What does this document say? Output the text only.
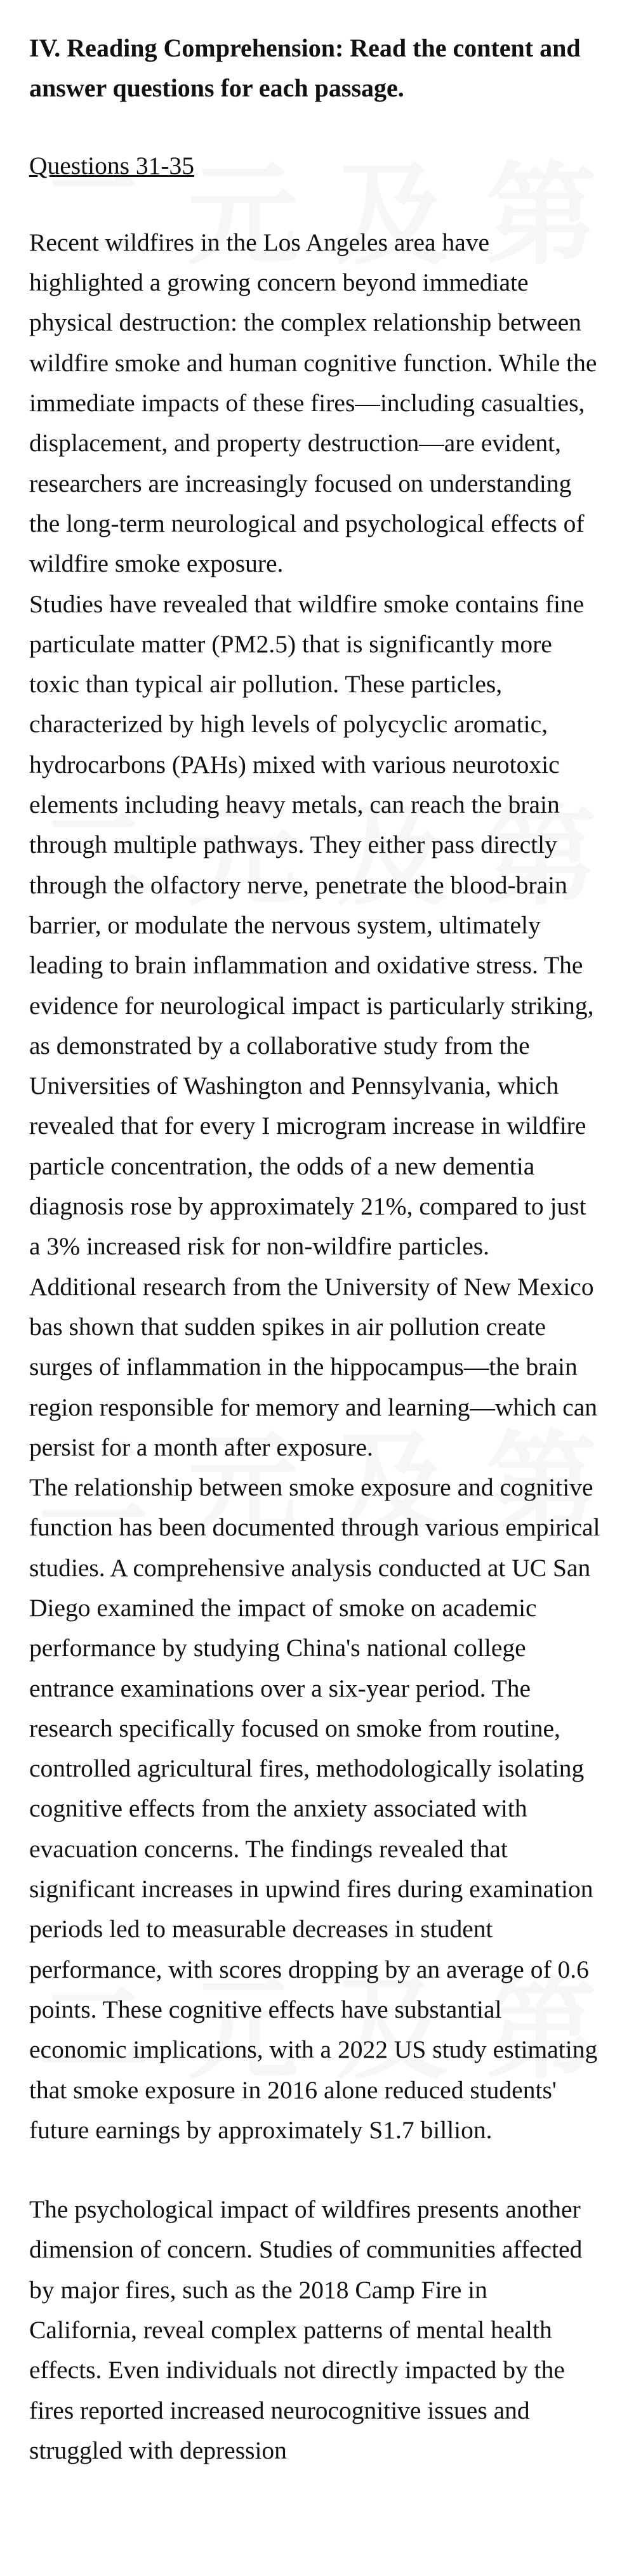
IV. Reading Comprehension: Read the content and answer questions for each passage.

Questions 31-35

Recent wildfires in the Los Angeles area have highlighted a growing concern beyond immediate physical destruction: the complex relationship between wildfire smoke and human cognitive function. While the immediate impacts of these fires—including casualties, displacement, and property destruction—are evident, researchers are increasingly focused on understanding the long-term neurological and psychological effects of wildfire smoke exposure.

Studies have revealed that wildfire smoke contains fine particulate matter (PM2.5) that is significantly more toxic than typical air pollution. These particles, characterized by high levels of polycyclic aromatic, hydrocarbons (PAHs) mixed with various neurotoxic elements including heavy metals, can reach the brain through multiple pathways. They either pass directly through the olfactory nerve, penetrate the blood-brain barrier, or modulate the nervous system, ultimately leading to brain inflammation and oxidative stress. The evidence for neurological impact is particularly striking, as demonstrated by a collaborative study from the Universities of Washington and Pennsylvania, which revealed that for every I microgram increase in wildfire particle concentration, the odds of a new dementia diagnosis rose by approximately 21%, compared to just a 3% increased risk for non-wildfire particles. Additional research from the University of New Mexico bas shown that sudden spikes in air pollution create surges of inflammation in the hippocampus—the brain region responsible for memory and learning—which can persist for a month after exposure.

The relationship between smoke exposure and cognitive function has been documented through various empirical studies. A comprehensive analysis conducted at UC San Diego examined the impact of smoke on academic performance by studying China's national college entrance examinations over a six-year period. The research specifically focused on smoke from routine, controlled agricultural fires, methodologically isolating cognitive effects from the anxiety associated with evacuation concerns. The findings revealed that significant increases in upwind fires during examination periods led to measurable decreases in student performance, with scores dropping by an average of 0.6 points. These cognitive effects have substantial economic implications, with a 2022 US study estimating that smoke exposure in 2016 alone reduced students' future earnings by approximately S1.7 billion.

The psychological impact of wildfires presents another dimension of concern. Studies of communities affected by major fires, such as the 2018 Camp Fire in California, reveal complex patterns of mental health effects. Even individuals not directly impacted by the fires reported increased neurocognitive issues and struggled with depression
